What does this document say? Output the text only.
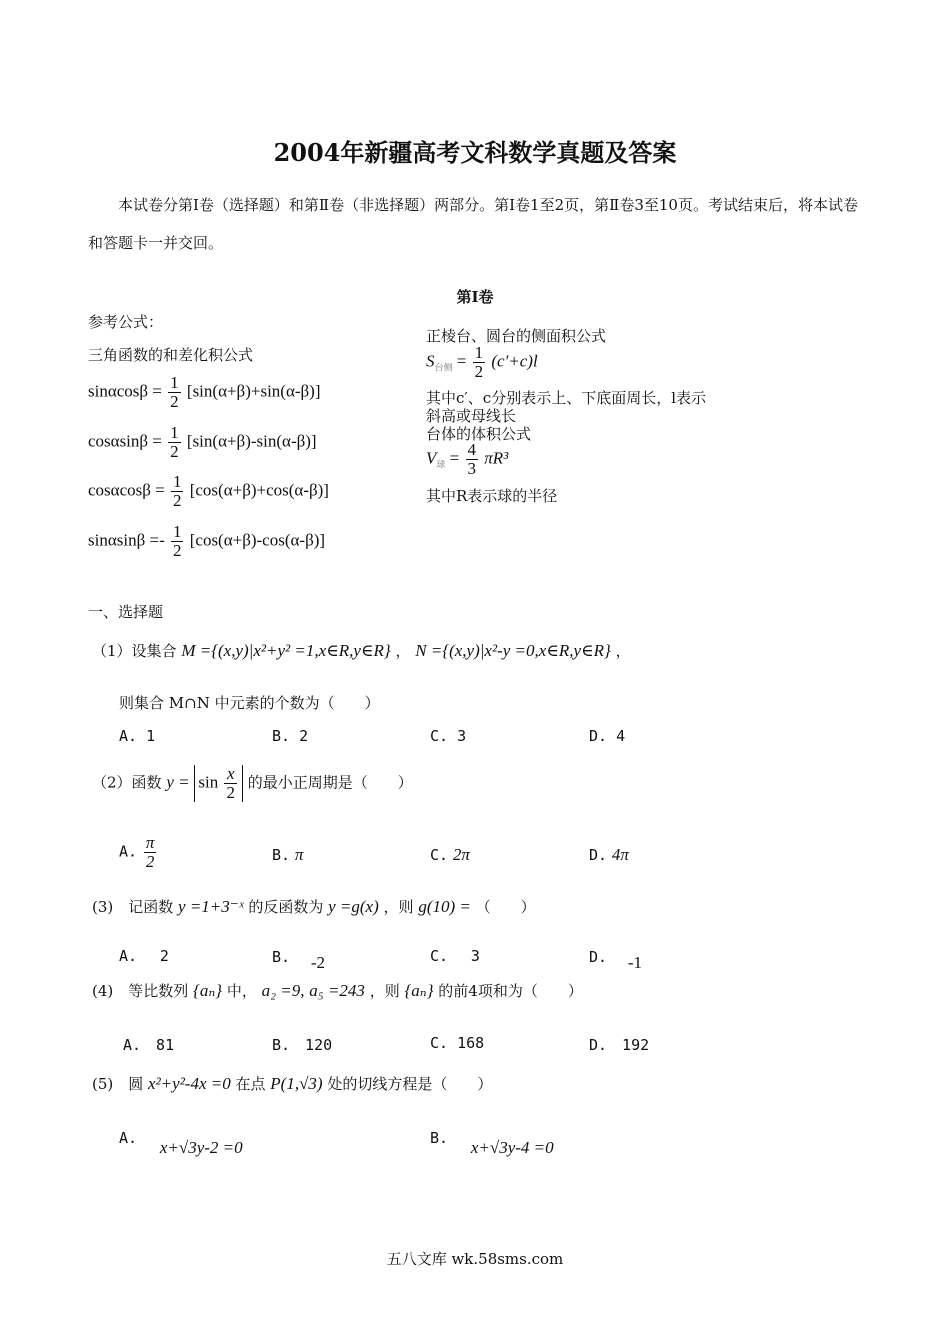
2004年新疆高考文科数学真题及答案
本试卷分第Ⅰ卷（选择题）和第Ⅱ卷（非选择题）两部分。第Ⅰ卷1至2页，第Ⅱ卷3至10页。考试结束后，将本试卷和答题卡一并交回。
第Ⅰ卷
参考公式：
三角函数的和差化积公式
$\sin\alpha\cos\beta = \frac{1}{2} [\sin(\alpha+\beta)+\sin(\alpha-\beta)]$
$\cos\alpha\sin\beta = \frac{1}{2} [\sin(\alpha+\beta)-\sin(\alpha-\beta)]$
$\cos\alpha\cos\beta = \frac{1}{2} [\cos(\alpha+\beta)+\cos(\alpha-\beta)]$
$\sin\alpha\sin\beta =- \frac{1}{2} [\cos(\alpha+\beta)-\cos(\alpha-\beta)]$
正棱台、圆台的侧面积公式
$S_{台侧} = \frac{1}{2} (c'+c)l$
其中c′、c分别表示上、下底面周长，l表示
斜高或母线长
台体的体积公式
$V_球 = \frac{4}{3} \pi R^3$
其中R表示球的半径
一、选择题
（1）设集合 M ={(x,y)|x²+y² =1,x∈R,y∈R} ， N ={(x,y)|x²-y =0,x∈R,y∈R} ，
则集合 M∩N 中元素的个数为（　　）
A. 1	B. 2	C. 3	D. 4
（2）函数 $y = \sin \frac{x}{2}$ 的最小正周期是（　　）
A. $\frac{\pi}{2}$	B. π	C. 2π	D. 4π
(3)　记函数 y =1+3⁻ˣ 的反函数为 y =g(x) ，则 g(10) = （　　）
A. 2	B. -2	C. 3	D. -1
(4)　等比数列 {aₙ} 中， a₂ =9, a₅ =243 ，则 {aₙ} 的前4项和为（　　）
A.　81	B.　120	C. 168	D.　192
(5)　圆 x²+y²-4x =0 在点 P(1,√3) 处的切线方程是（　　）
A. x+√3y-2 =0	B. x+√3y-4 =0
五八文库 wk.58sms.com
